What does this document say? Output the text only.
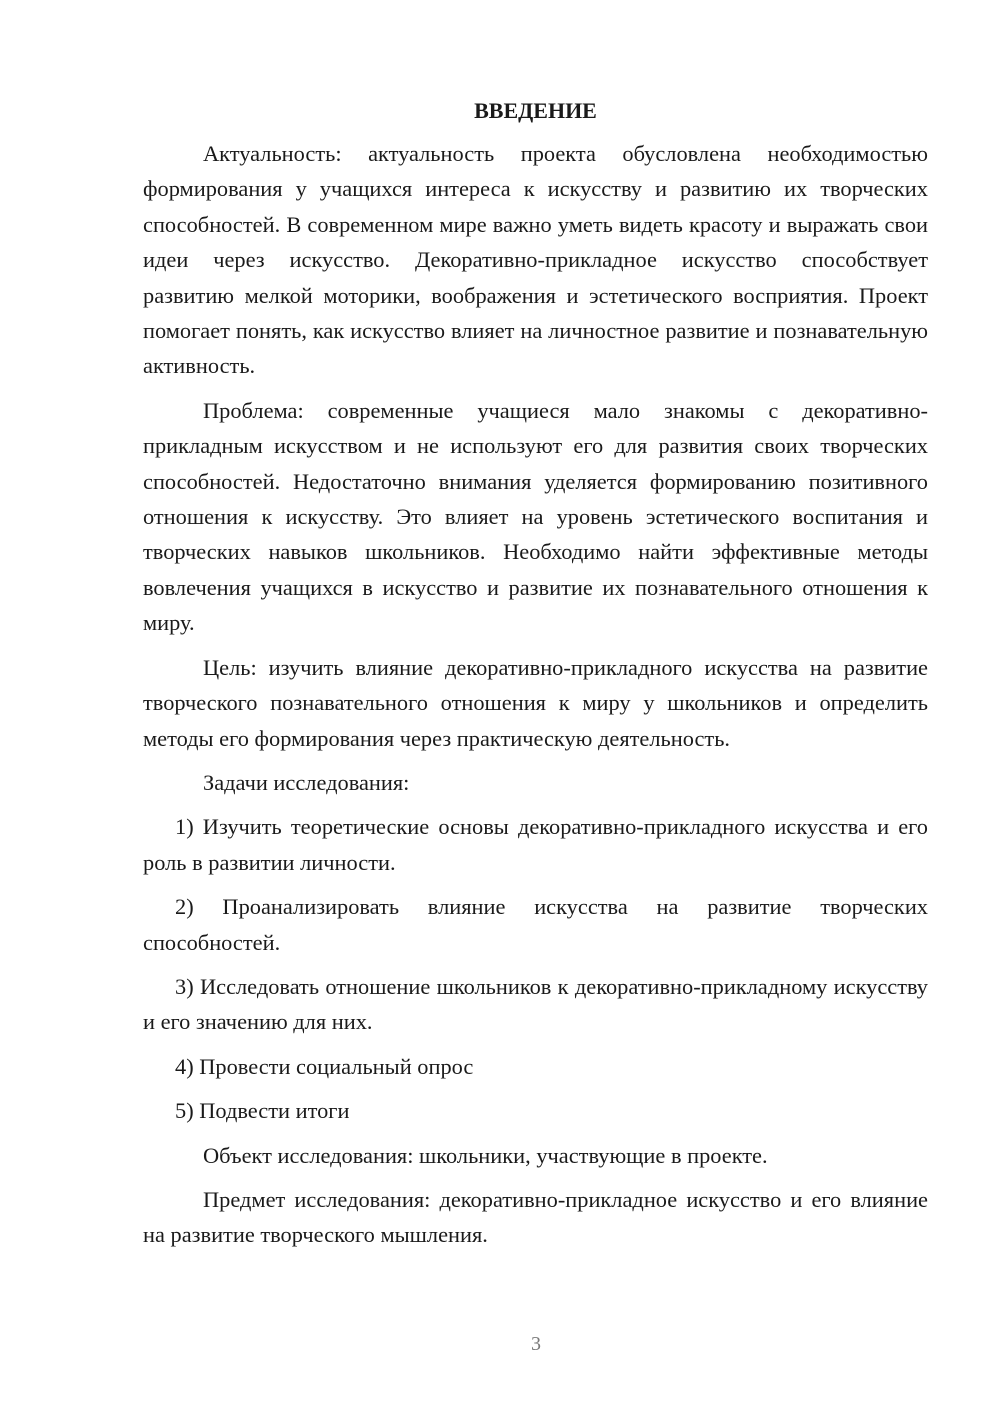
ВВЕДЕНИЕ

Актуальность: актуальность проекта обусловлена необходимостью формирования у учащихся интереса к искусству и развитию их творческих способностей. В современном мире важно уметь видеть красоту и выражать свои идеи через искусство. Декоративно-прикладное искусство способствует развитию мелкой моторики, воображения и эстетического восприятия. Проект помогает понять, как искусство влияет на личностное развитие и познавательную активность.

Проблема: современные учащиеся мало знакомы с декоративно-прикладным искусством и не используют его для развития своих творческих способностей. Недостаточно внимания уделяется формированию позитивного отношения к искусству. Это влияет на уровень эстетического воспитания и творческих навыков школьников. Необходимо найти эффективные методы вовлечения учащихся в искусство и развитие их познавательного отношения к миру.

Цель: изучить влияние декоративно-прикладного искусства на развитие творческого познавательного отношения к миру у школьников и определить методы его формирования через практическую деятельность.

Задачи исследования:

1) Изучить теоретические основы декоративно-прикладного искусства и его роль в развитии личности.

2) Проанализировать влияние искусства на развитие творческих способностей.

3) Исследовать отношение школьников к декоративно-прикладному искусству и его значению для них.

4) Провести социальный опрос

5) Подвести итоги

Объект исследования: школьники, участвующие в проекте.

Предмет исследования: декоративно-прикладное искусство и его влияние на развитие творческого мышления.

3
